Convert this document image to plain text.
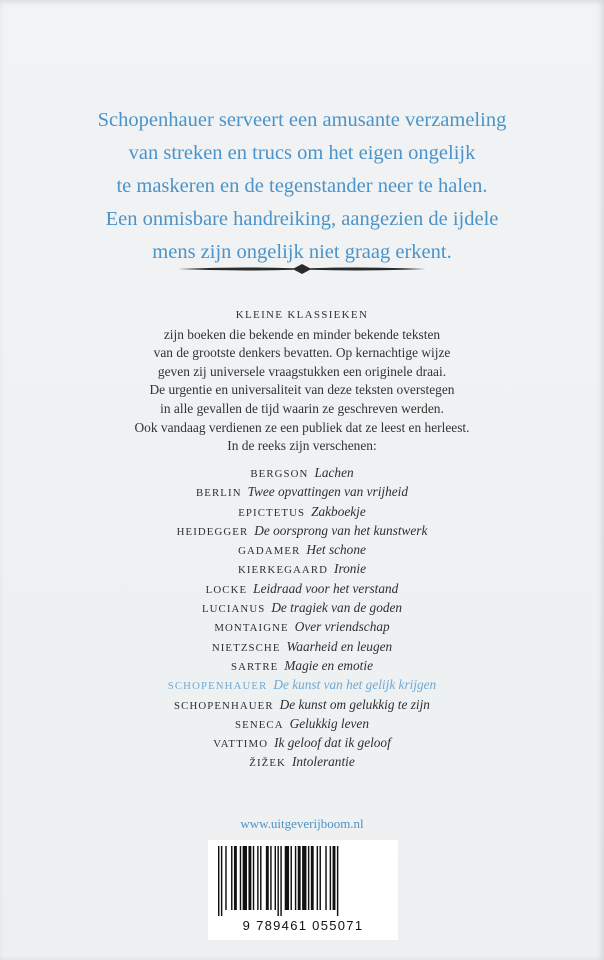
Schopenhauer serveert een amusante verzameling
van streken en trucs om het eigen ongelijk
te maskeren en de tegenstander neer te halen.
Een onmisbare handreiking, aangezien de ijdele
mens zijn ongelijk niet graag erkent.

KLEINE KLASSIEKEN
zijn boeken die bekende en minder bekende teksten
van de grootste denkers bevatten. Op kernachtige wijze
geven zij universele vraagstukken een originele draai.
De urgentie en universaliteit van deze teksten overstegen
in alle gevallen de tijd waarin ze geschreven werden.
Ook vandaag verdienen ze een publiek dat ze leest en herleest.
In de reeks zijn verschenen:
BERGSON Lachen
BERLIN Twee opvattingen van vrijheid
EPICTETUS Zakboekje
HEIDEGGER De oorsprong van het kunstwerk
GADAMER Het schone
KIERKEGAARD Ironie
LOCKE Leidraad voor het verstand
LUCIANUS De tragiek van de goden
MONTAIGNE Over vriendschap
NIETZSCHE Waarheid en leugen
SARTRE Magie en emotie
SCHOPENHAUER De kunst van het gelijk krijgen
SCHOPENHAUER De kunst om gelukkig te zijn
SENECA Gelukkig leven
VATTIMO Ik geloof dat ik geloof
ŽIŽEK Intolerantie
www.uitgeverijboom.nl
9 789461 055071
